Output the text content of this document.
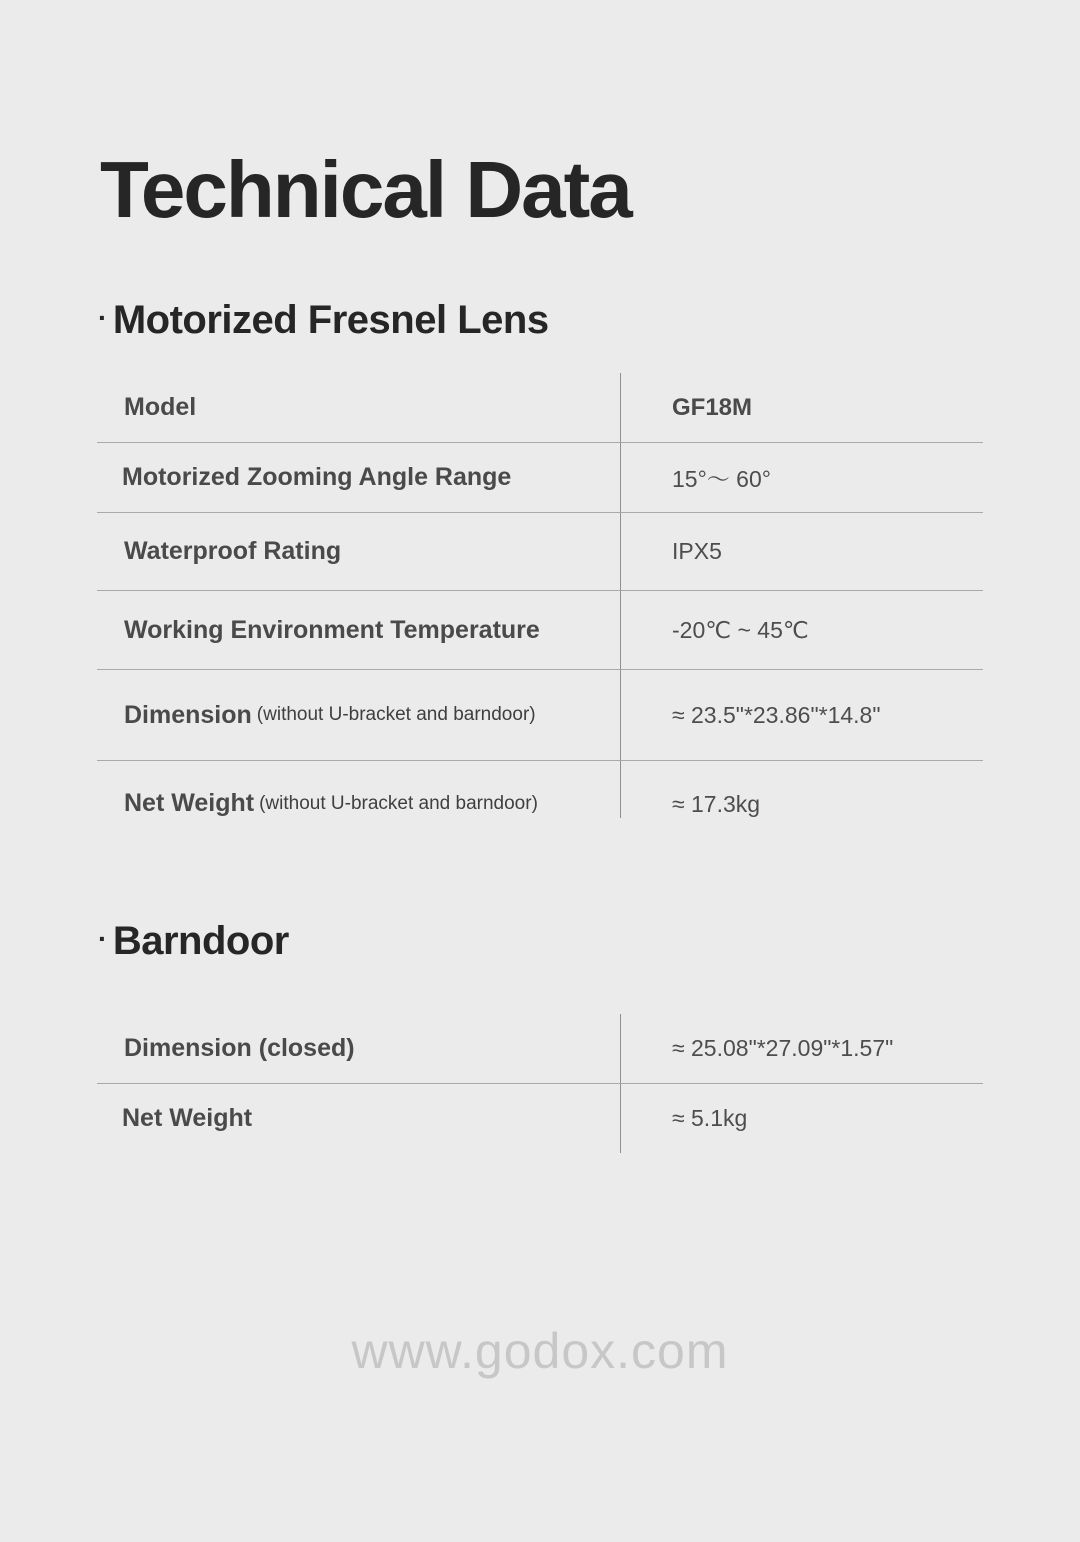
Technical Data
· Motorized Fresnel Lens
Model	GF18M
Motorized Zooming Angle Range	15°～ 60°
Waterproof Rating	IPX5
Working Environment Temperature	-20℃ ~ 45℃
Dimension (without U-bracket and barndoor)	≈ 23.5"*23.86"*14.8"
Net Weight (without U-bracket and barndoor)	≈ 17.3kg
· Barndoor
Dimension (closed)	≈ 25.08"*27.09"*1.57"
Net Weight	≈ 5.1kg
www.godox.com
